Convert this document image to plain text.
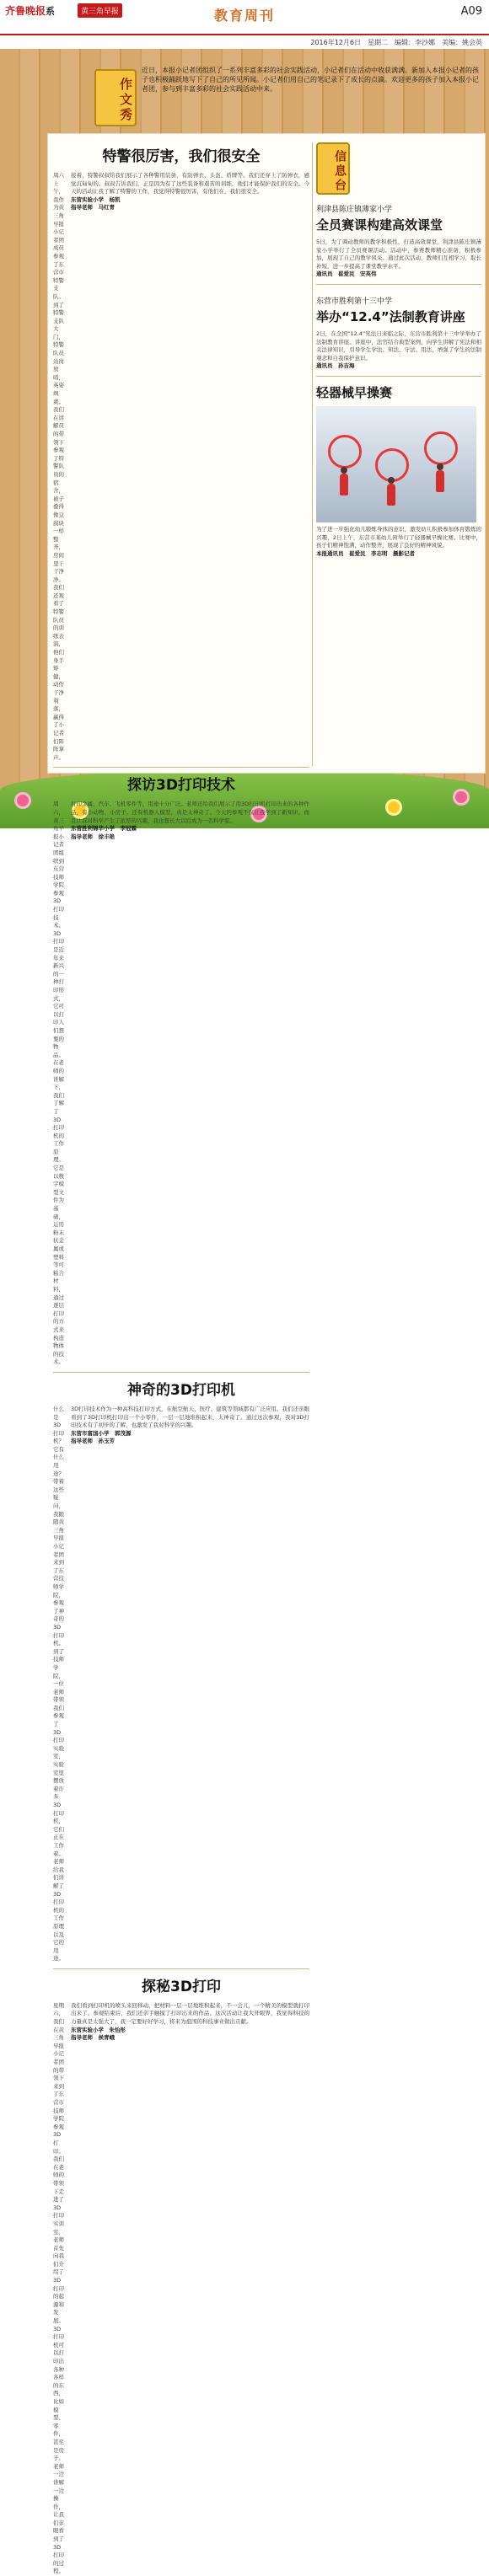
齐鲁晚报系	黄三角早报	教育周刊	A09
2016年12月6日　星期二　编辑：李沙娜　美编：姚会英
作文秀
近日，本报小记者团组织了一系列丰富多彩的社会实践活动，小记者们在活动中收获满满。新加入本报小记者的孩子也积极踊跃地写下了自己的所见所闻。小记者们用自己的笔记录下了成长的点滴。欢迎更多的孩子加入本报小记者团，参与到丰富多彩的社会实践活动中来。
特警很厉害，我们很安全
周六上午，我作为黄三角早报小记者团成员参观了东营市特警支队。到了特警支队大门，特警队员站岗放哨，英姿飒爽。我们在讲解员的带领下参观了特警队员的宿舍，被子叠得像豆腐块一样整齐，房间里干干净净。我们还观看了特警队员的训练表演，他们身手矫健，动作干净利落，赢得了小记者们阵阵掌声。
接着，特警叔叔给我们展示了各种警用装备，有防弹衣、头盔、盾牌等。我们还穿上了防弹衣，感觉沉甸甸的。叔叔告诉我们，正是因为有了这些装备和艰苦的训练，他们才能保护我们的安全。今天的活动让我了解了特警的工作，我觉得特警很厉害，有他们在，我们很安全。
东营实验小学　杨凯
指导老师　马红青
探访3D打印技术
周六，黄三角早报小记者团组织到东营技师学院参观3D打印技术。3D打印是近年来新兴的一种打印形式，它可以打印人们想要的物品。在老师的讲解下，我们了解了3D打印机的工作原理。它是以数字模型文件为基础，运用粉末状金属或塑料等可粘合材料，通过逐层打印的方式来构造物体的技术。
打印金属、汽车、飞机零件等，用途十分广泛。老师还给我们展示了用3D打印机打印出来的各种作品，有小动物、小房子，还有机器人模型，真是太神奇了。今天的参观不仅让我学到了新知识，而且让我对科学产生了浓厚的兴趣，我也想长大以后成为一名科学家。
东营胜利锦华小学　李冠霖
指导老师　徐丰艳
神奇的3D打印机
什么是3D打印机？它有什么用途？带着这些疑问，我跟随黄三角早报小记者团来到了东营技师学院，参观了神奇的3D打印机。到了技师学院，一位老师带领我们参观了3D打印实验室，实验室里摆放着许多3D打印机，它们正在工作着。老师给我们讲解了3D打印机的工作原理以及它的用途。
3D打印技术作为一种高科技打印方式，在航空航天、医疗、建筑等领域都有广泛应用。我们还亲眼看到了3D打印机打印出一个小零件，一层一层地堆积起来，太神奇了。通过这次参观，我对3D打印技术有了初步的了解，也激发了我对科学的兴趣。
东营市富国小学　郭茂源
指导老师　孙玉芳
探秘3D打印
星期六，我们在黄三角早报小记者团的带领下来到了东营市技师学院参观3D打印。我们在老师的带领下走进了3D打印实训室，老师首先向我们介绍了3D打印的起源和发展。3D打印机可以打印出各种各样的东西，比如模型、零件，甚至是房子。老师一边讲解一边操作，让我们亲眼看到了3D打印的过程。
我们看到打印机的喷头来回移动，把材料一层一层地堆积起来，不一会儿，一个精美的模型就打印出来了。参观结束后，我们还亲手触摸了打印出来的作品。这次活动让我大开眼界，我觉得科技的力量真是太强大了，我一定要好好学习，将来为祖国的科技事业做出贡献。
东营实验小学　朱怡彤
指导老师　侯青峨
信息台
利津县陈庄镇薄家小学
全员赛课构建高效课堂
5日，为了调动教师的教学积极性，打造高效课堂，利津县陈庄镇薄家小学举行了全员赛课活动。活动中，参赛教师精心准备，积极参加，展现了自己的教学风采。通过此次活动，教师们互相学习，取长补短，进一步提高了课堂教学水平。
通讯员　崔爱民　安英伟
东营市胜利第十三中学
举办“12.4”法制教育讲座
2日，在全国“12.4”宪法日来临之际，东营市胜利第十三中学举办了法制教育讲座。讲座中，法官结合典型案例，向学生讲解了宪法和相关法律知识，引导学生学法、知法、守法、用法，增强了学生的法制观念和自我保护意识。
通讯员　孙吉海
轻器械早操赛
为了进一步强化幼儿锻炼身体的意识，激发幼儿积极参加体育锻炼的兴趣，2日上午，东营市某幼儿园举行了轻器械早操比赛。比赛中，孩子们精神饱满，动作整齐，展现了良好的精神风貌。
本报通讯员　崔爱民　李志明　摄影记者
